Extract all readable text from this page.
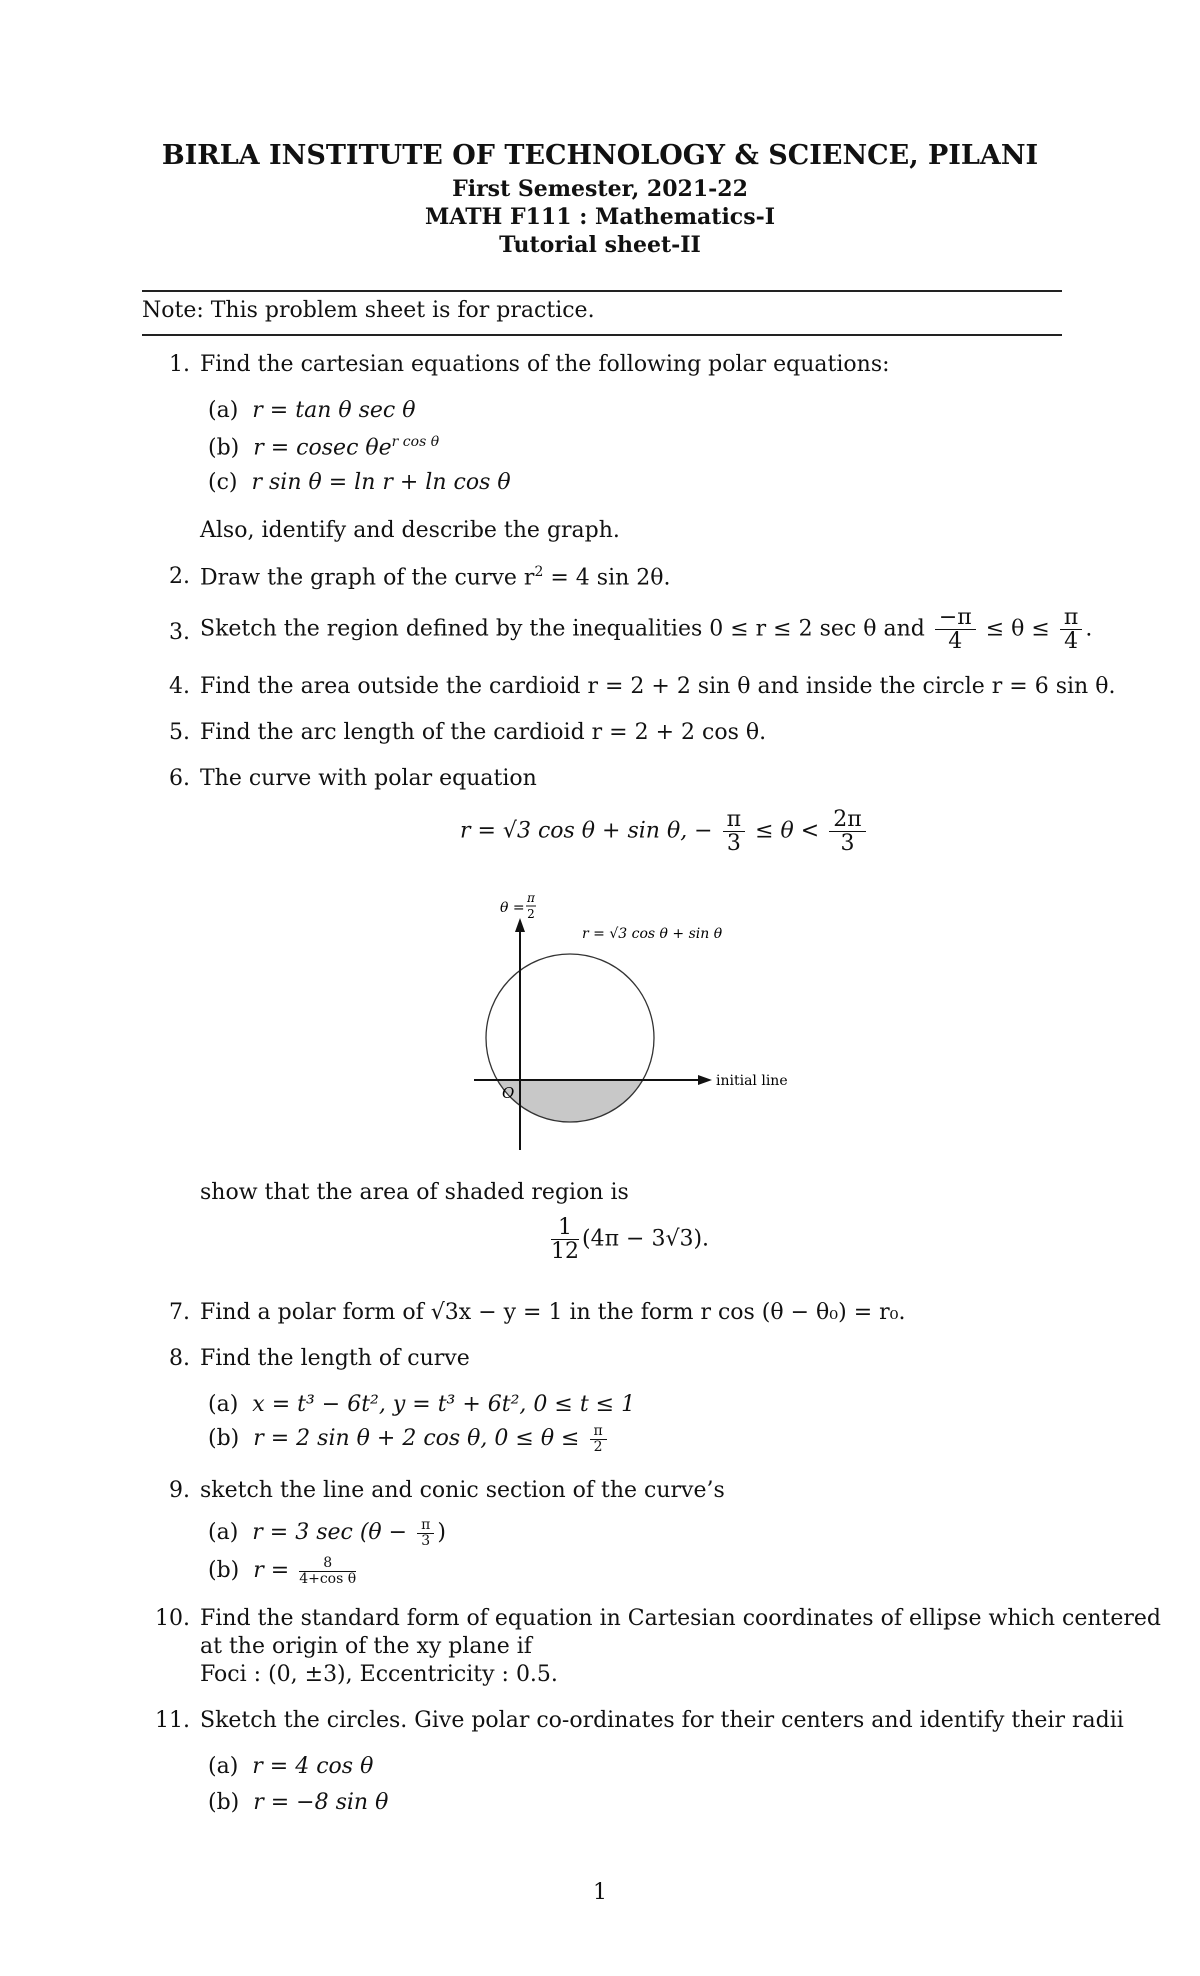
BIRLA INSTITUTE OF TECHNOLOGY & SCIENCE, PILANI
First Semester, 2021-22
MATH F111 : Mathematics-I
Tutorial sheet-II
Note: This problem sheet is for practice.
1. Find the cartesian equations of the following polar equations:
(a) r = tan θ sec θ
(b) r = cosec $\theta e^{r cos \theta}$
(c) r sin θ = ln r + ln cos θ
Also, identify and describe the graph.
2. Draw the graph of the curve $r^2 = 4$ sin 2θ.
3. Sketch the region defined by the inequalities 0 ≤ r ≤ 2 sec θ and $\frac{-\pi}{4} \le \theta \le \frac{\pi}{4}$ .
4. Find the area outside the cardioid r = 2 + 2 sin θ and inside the circle r = 6 sin θ.
5. Find the arc length of the cardioid r = 2 + 2 cos θ.
6. The curve with polar equation
r = √3 cos θ + sin θ, − $\frac{\pi}{3} \le \theta < \frac{2\pi}{3}$
θ =
π
2
r = √3 cos θ + sin θ
O
initial line
show that the area of shaded region is
$\frac{1}{12} (4\pi - 3√3)$.
7. Find a polar form of √3x − y = 1 in the form r cos (θ − θ₀) = r₀.
8. Find the length of curve
(a) x = t³ − 6t², y = t³ + 6t², 0 ≤ t ≤ 1
(b) r = 2 sin θ + 2 cos θ, $0 \le \theta \le \frac{\pi}{2}$
9. sketch the line and conic section of the curve’s
(a) r = 3 $\sec (\theta - \frac{\pi}{3}$ )
(b) $r = \frac{8}{\text{4+cos θ}}$
10. Find the standard form of equation in Cartesian coordinates of ellipse which centered
at the origin of the xy plane if
Foci : (0, ±3), Eccentricity : 0.5.
11. Sketch the circles. Give polar co-ordinates for their centers and identify their radii
(a) r = 4 cos θ
(b) r = −8 sin θ
1
